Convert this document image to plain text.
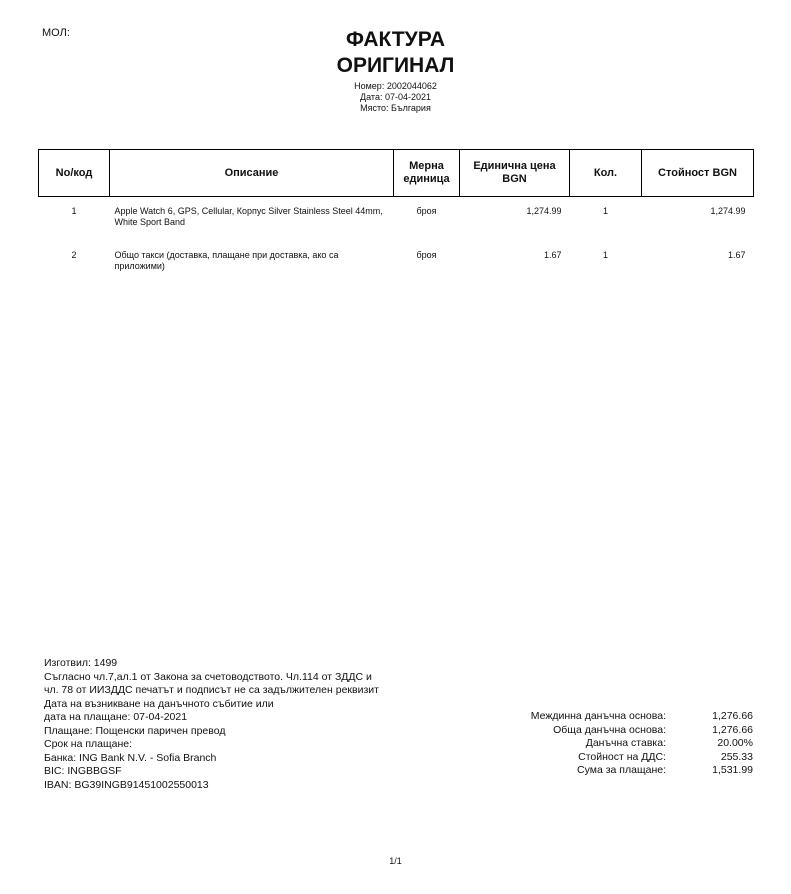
МОЛ:	ФАКТУРА
ОРИГИНАЛ
Номер: 2002044062
Дата: 07-04-2021
Място: България
No/код	Описание	Мерна единица	Единична цена BGN	Кол.	Стойност BGN

1	Apple Watch 6, GPS, Cellular, Корпус Silver Stainless Steel 44mm, White Sport Band	броя	1,274.99	1	1,274.99
2	Общо такси (доставка, плащане при доставка, ако са приложими)	броя	1.67	1	1.67
Изготвил: 1499
Съгласно чл.7,ал.1 от Закона за счетоводството. Чл.114 от ЗДДС и
чл. 78 от ИИЗДДС печатът и подписът не са задължителен реквизит
Дата на възникване на данъчното събитие или
дата на плащане: 07-04-2021
Плащане: Пощенски паричен превод
Срок на плащане:
Банка: ING Bank N.V. - Sofia Branch
BIC: INGBBGSF
IBAN: BG39INGB91451002550013
Междинна данъчна основа:	1,276.66
Обща данъчна основа:	1,276.66
Данъчна ставка:	20.00%
Стойност на ДДС:	255.33
Сума за плащане:	1,531.99
1/1
